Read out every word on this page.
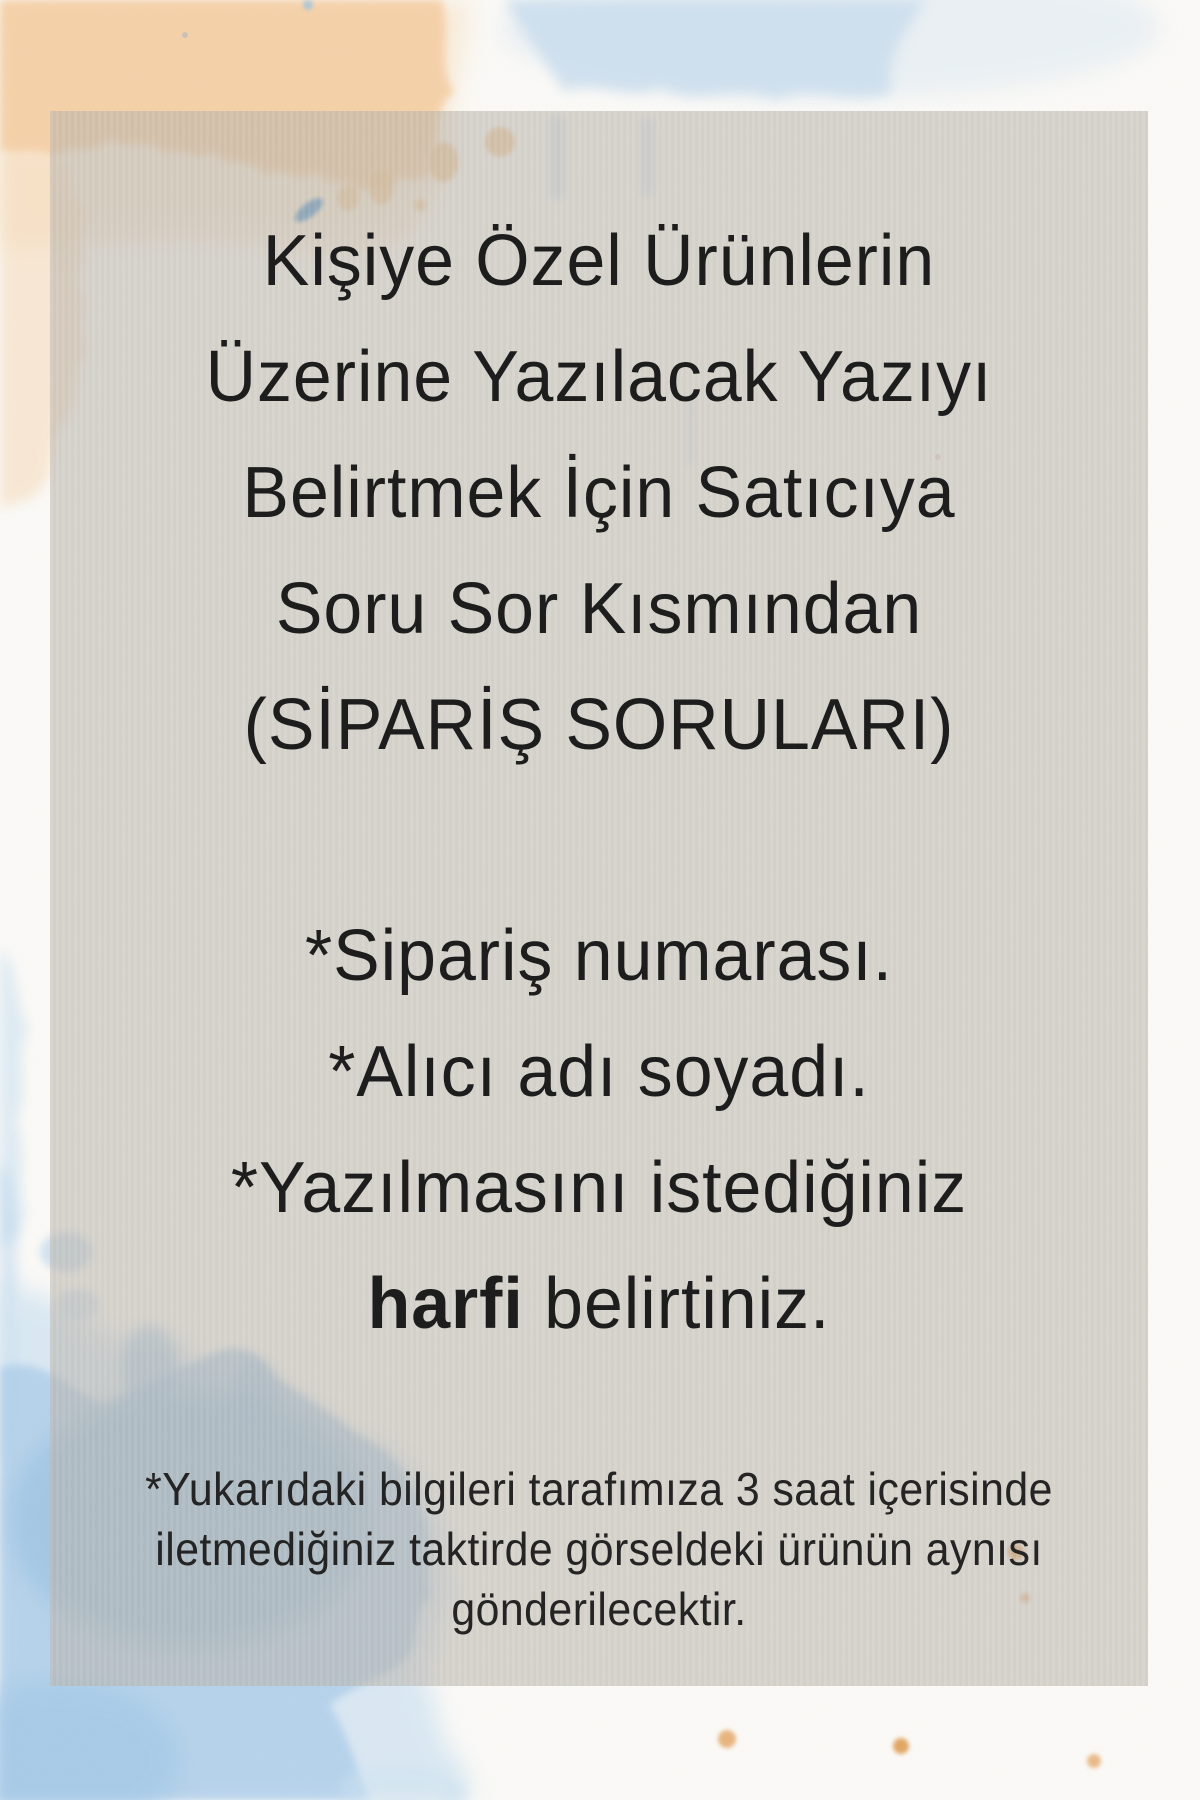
Kişiye Özel Ürünlerin
Üzerine Yazılacak Yazıyı
Belirtmek İçin Satıcıya
Soru Sor Kısmından
(SİPARİŞ SORULARI)
*Sipariş numarası.
*Alıcı adı soyadı.
*Yazılmasını istediğiniz
harfi belirtiniz.
*Yukarıdaki bilgileri tarafımıza 3 saat içerisinde
iletmediğiniz taktirde görseldeki ürünün aynısı
gönderilecektir.
